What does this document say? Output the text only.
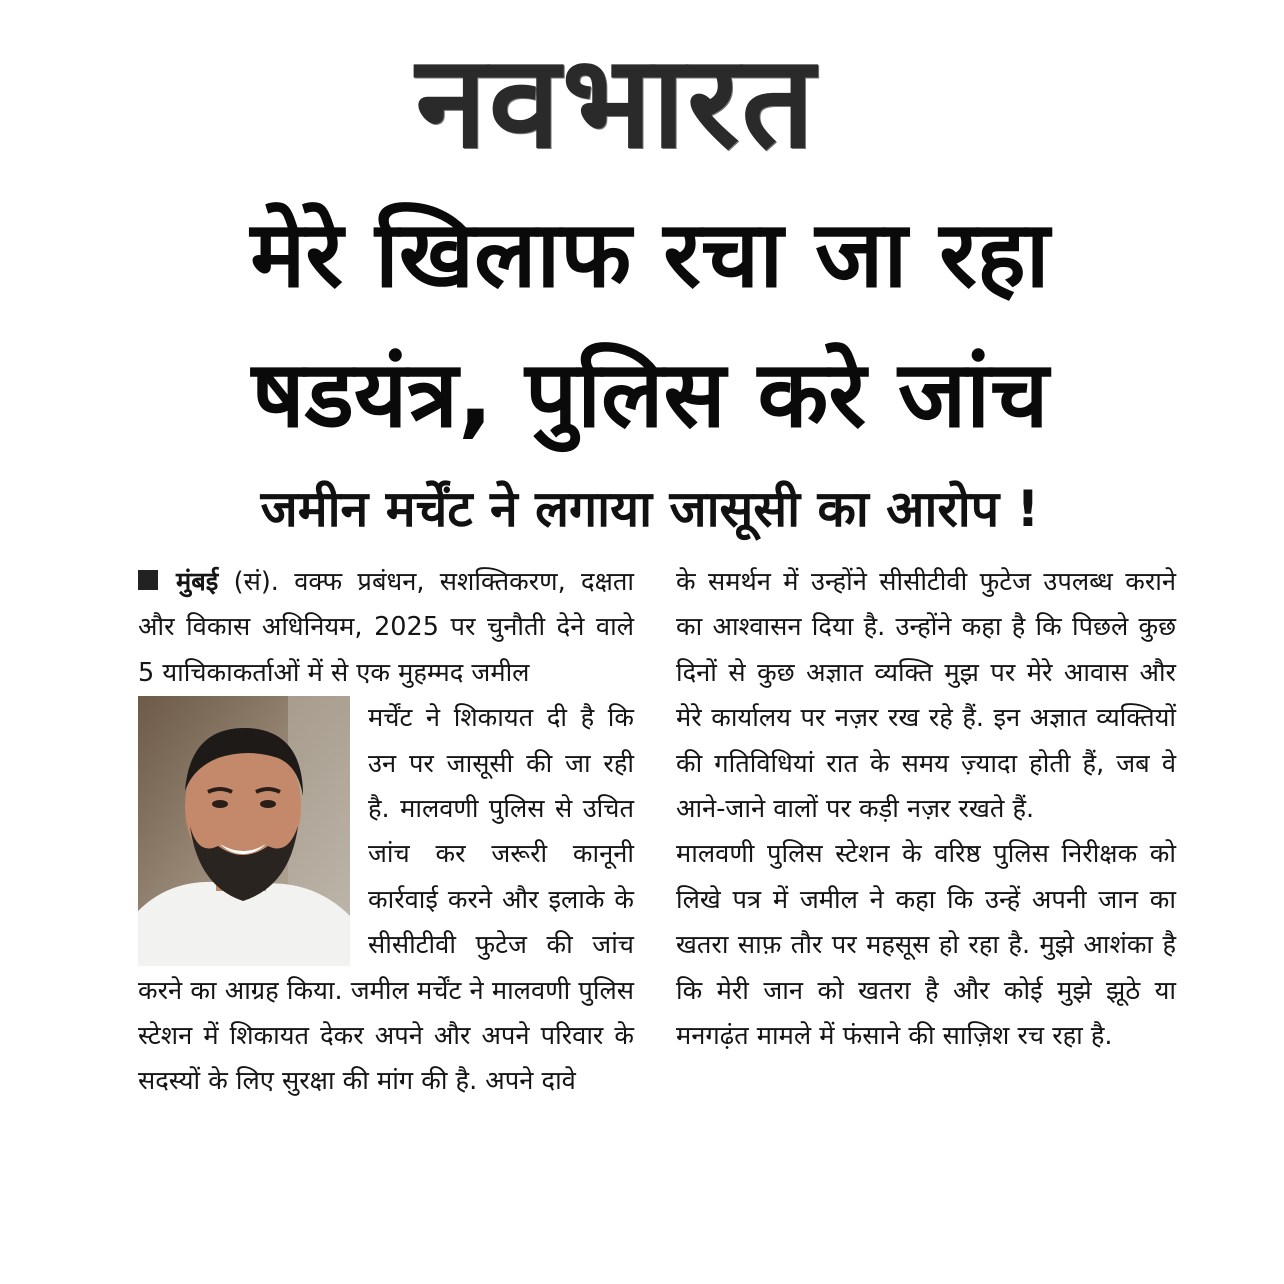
नवभारत
मेरे खिलाफ रचा जा रहा
षडयंत्र, पुलिस करे जांच
जमीन मर्चेंट ने लगाया जासूसी का आरोप !

मुंबई (सं). वक्फ प्रबंधन, सशक्तिकरण, दक्षता और विकास अधिनियम, 2025 पर चुनौती देने वाले 5 याचिकाकर्ताओं में से एक मुहम्मद जमील

मर्चेंट ने शिकायत दी है कि उन पर जासूसी की जा रही है. मालवणी पुलिस से उचित जांच कर जरूरी कानूनी कार्रवाई करने और इलाके के सीसीटीवी फुटेज की जांच करने का आग्रह किया. जमील मर्चेंट ने मालवणी पुलिस स्टेशन में शिकायत देकर अपने और अपने परिवार के सदस्यों के लिए सुरक्षा की मांग की है. अपने दावे

के समर्थन में उन्होंने सीसीटीवी फुटेज उपलब्ध कराने का आश्वासन दिया है. उन्होंने कहा है कि पिछले कुछ दिनों से कुछ अज्ञात व्यक्ति मुझ पर मेरे आवास और मेरे कार्यालय पर नज़र रख रहे हैं. इन अज्ञात व्यक्तियों की गतिविधियां रात के समय ज़्यादा होती हैं, जब वे आने-जाने वालों पर कड़ी नज़र रखते हैं.

मालवणी पुलिस स्टेशन के वरिष्ठ पुलिस निरीक्षक को लिखे पत्र में जमील ने कहा कि उन्हें अपनी जान का खतरा साफ़ तौर पर महसूस हो रहा है. मुझे आशंका है कि मेरी जान को खतरा है और कोई मुझे झूठे या मनगढ़ंत मामले में फंसाने की साज़िश रच रहा है.
